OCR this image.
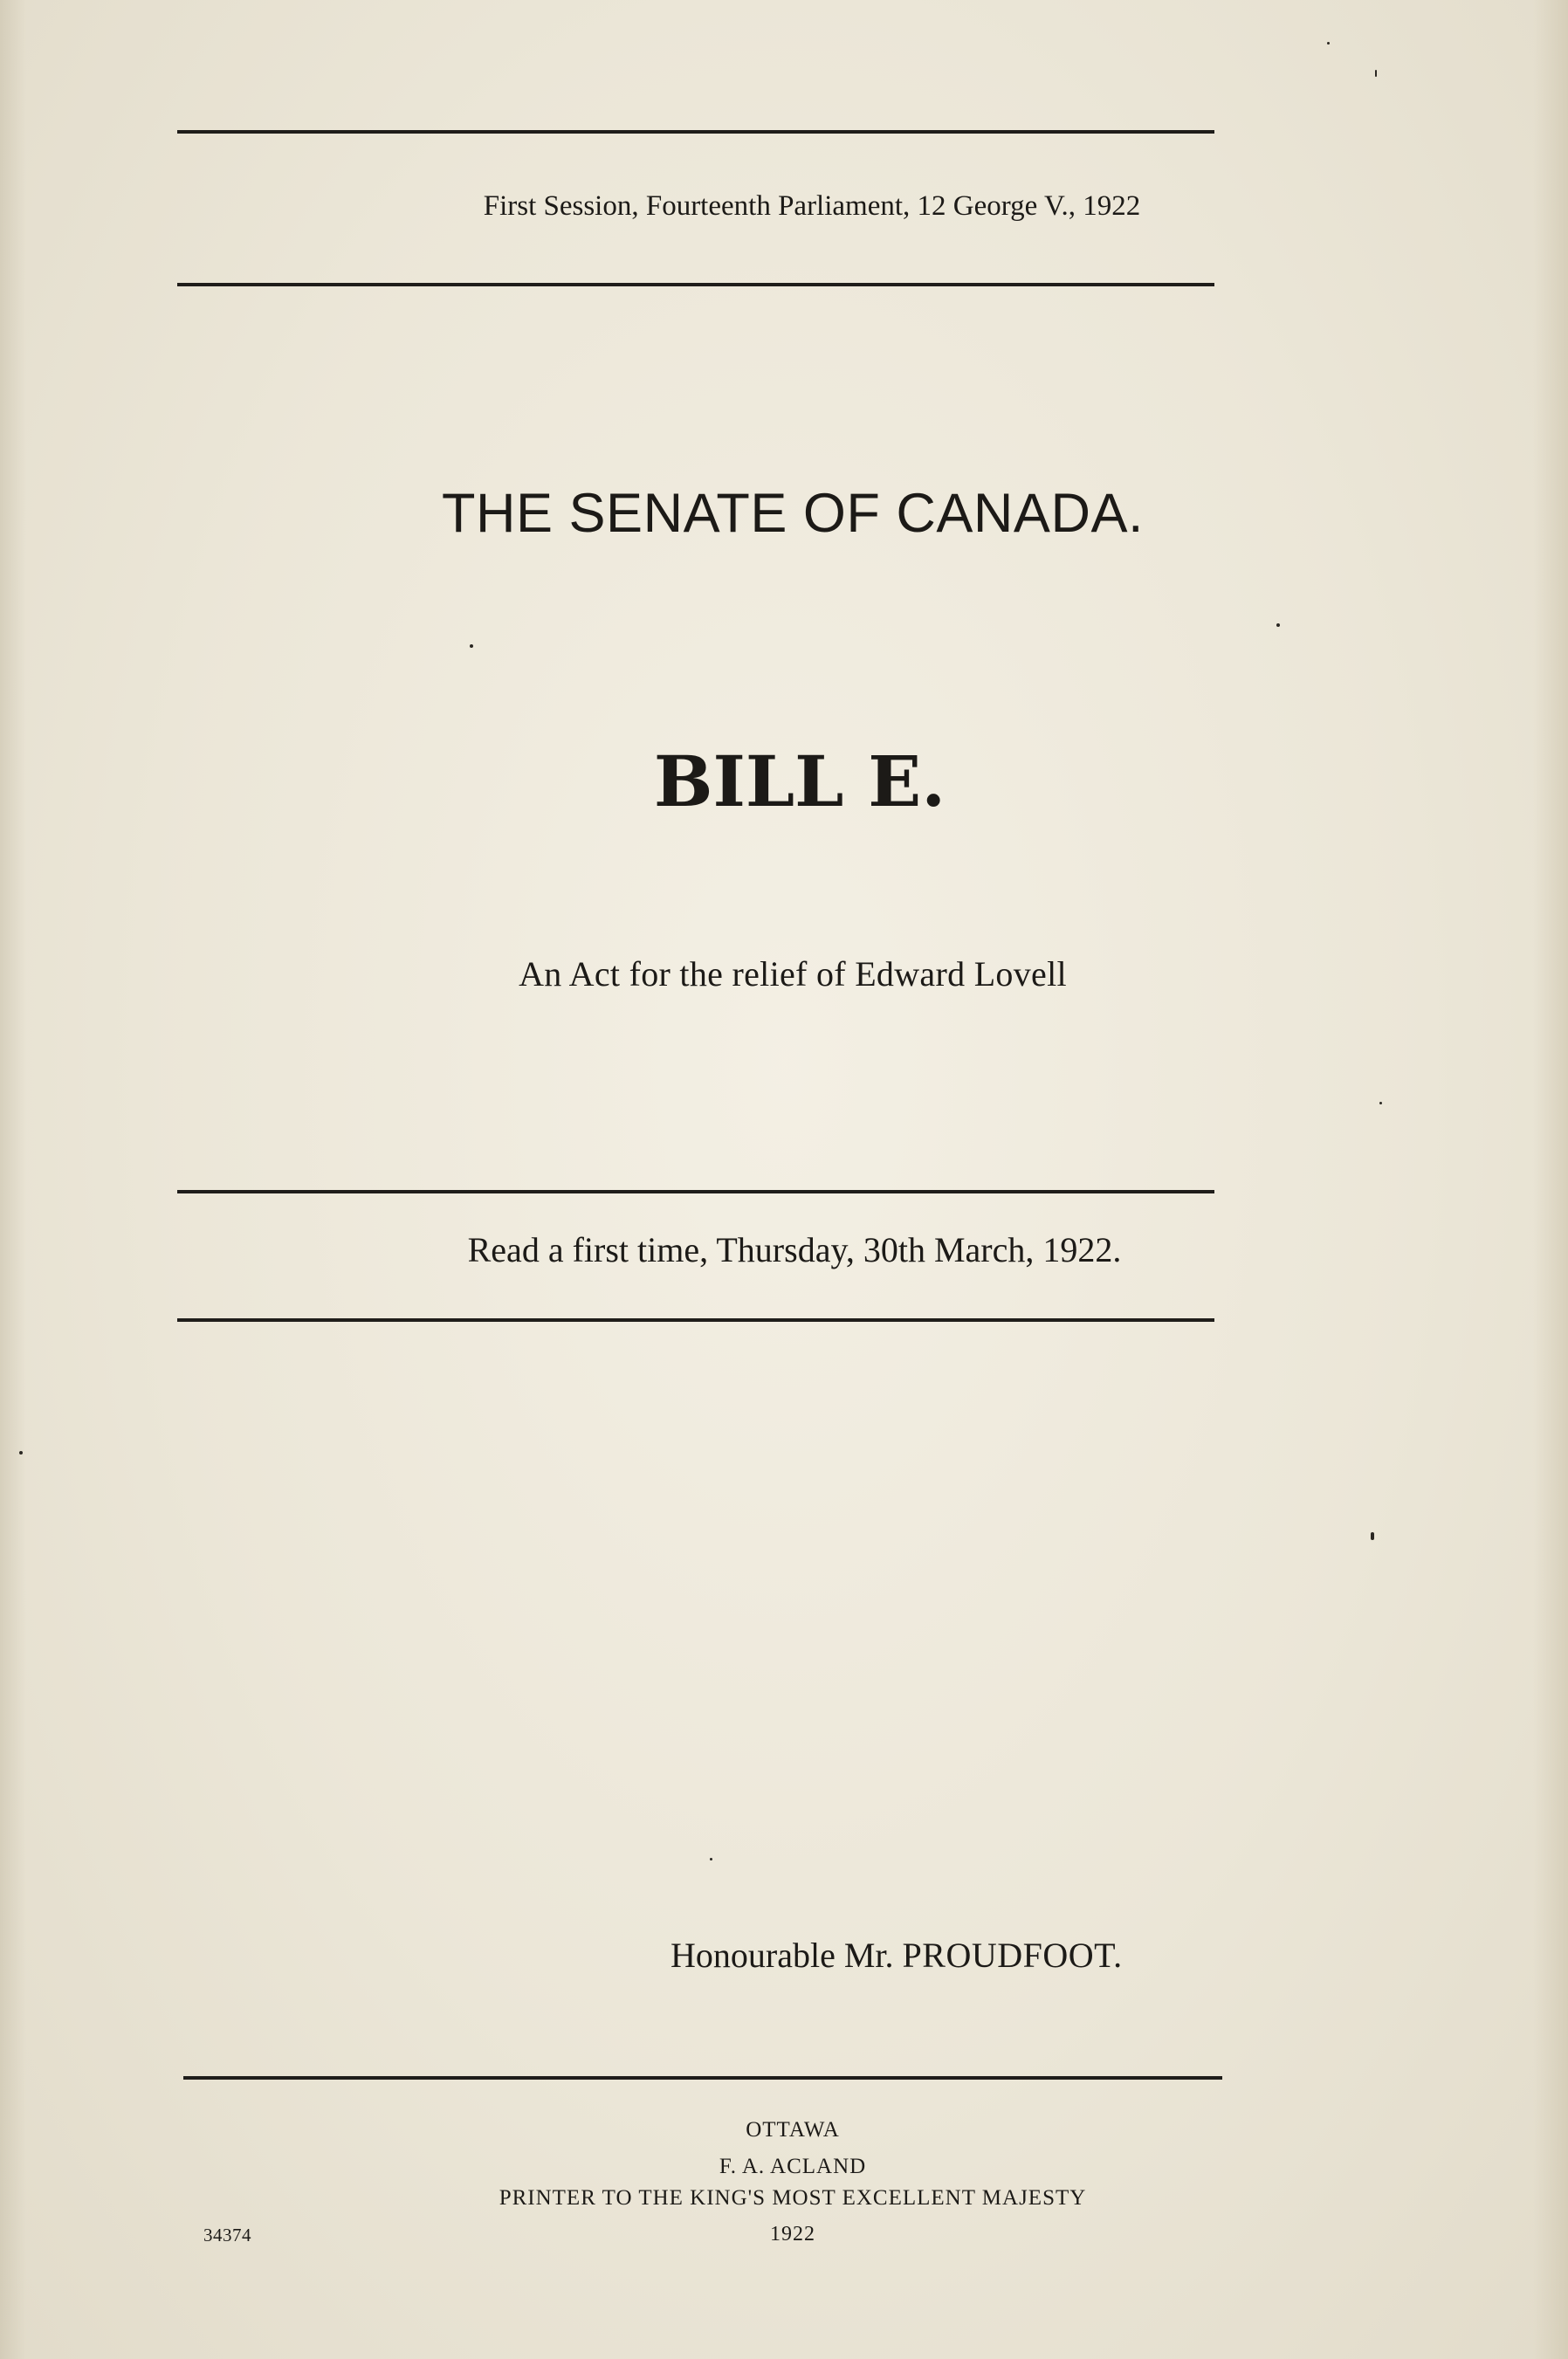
First Session, Fourteenth Parliament, 12 George V., 1922
THE SENATE OF CANADA.
BILL E.
An Act for the relief of Edward Lovell
Read a first time, Thursday, 30th March, 1922.
Honourable Mr. PROUDFOOT.
OTTAWA
F. A. ACLAND
PRINTER TO THE KING'S MOST EXCELLENT MAJESTY
1922
34374
